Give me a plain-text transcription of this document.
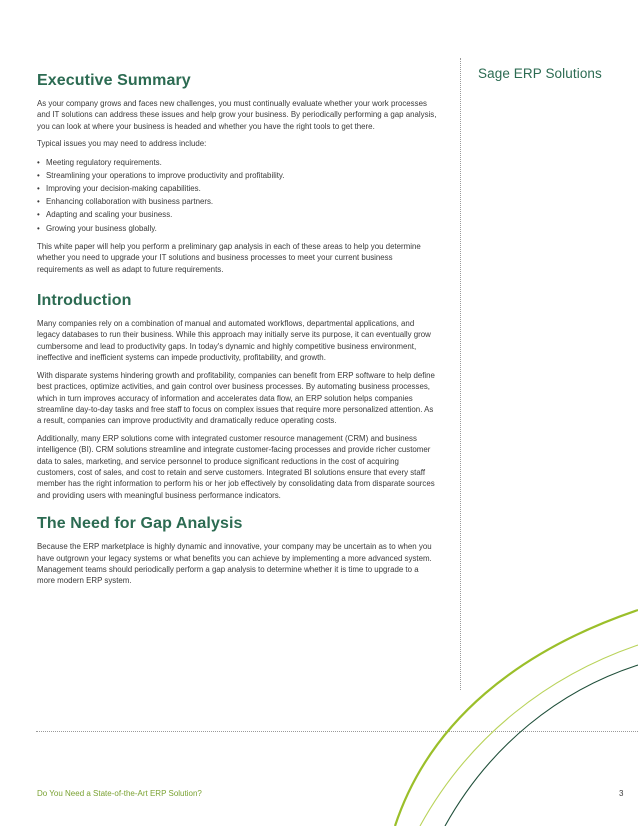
Sage ERP Solutions
Executive Summary

As your company grows and faces new challenges, you must continually evaluate whether your work processes and IT solutions can address these issues and help grow your business. By periodically performing a gap analysis, you can look at where your business is headed and whether you have the right tools to get there.

Typical issues you may need to address include:

• Meeting regulatory requirements.
• Streamlining your operations to improve productivity and profitability.
• Improving your decision-making capabilities.
• Enhancing collaboration with business partners.
• Adapting and scaling your business.
• Growing your business globally.

This white paper will help you perform a preliminary gap analysis in each of these areas to help you determine whether you need to upgrade your IT solutions and business processes to meet your current business requirements as well as adapt to future requirements.

Introduction

Many companies rely on a combination of manual and automated workflows, departmental applications, and legacy databases to run their business. While this approach may initially serve its purpose, it can eventually grow cumbersome and lead to productivity gaps. In today's dynamic and highly competitive business environment, ineffective and inefficient systems can impede productivity, profitability, and growth.

With disparate systems hindering growth and profitability, companies can benefit from ERP software to help define best practices, optimize activities, and gain control over business processes. By automating business processes, which in turn improves accuracy of information and accelerates data flow, an ERP solution helps companies streamline day-to-day tasks and free staff to focus on complex issues that require more personalized attention. As a result, companies can improve productivity and dramatically reduce operating costs.

Additionally, many ERP solutions come with integrated customer resource management (CRM) and business intelligence (BI). CRM solutions streamline and integrate customer-facing processes and provide richer customer data to sales, marketing, and service personnel to produce significant reductions in the cost of acquiring customers, cost of sales, and cost to retain and serve customers. Integrated BI solutions ensure that every staff member has the right information to perform his or her job effectively by consolidating data from disparate sources and providing users with meaningful business performance indicators.

The Need for Gap Analysis

Because the ERP marketplace is highly dynamic and innovative, your company may be uncertain as to when you have outgrown your legacy systems or what benefits you can achieve by implementing a more advanced system. Management teams should periodically perform a gap analysis to determine whether it is time to upgrade to a more modern ERP system.

Do You Need a State-of-the-Art ERP Solution?	3
